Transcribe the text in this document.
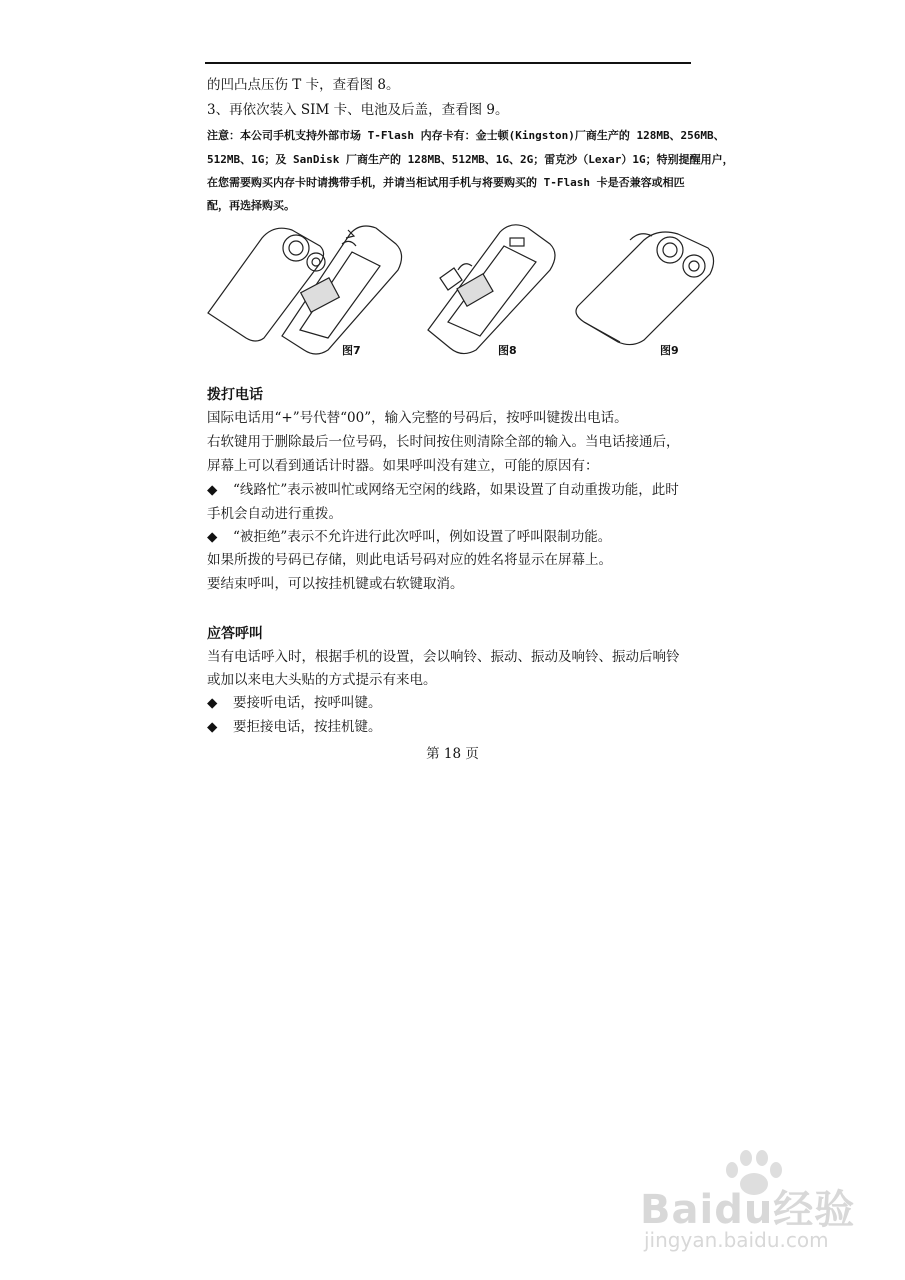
的凹凸点压伤 T 卡，查看图 8。
3、再依次装入 SIM 卡、电池及后盖，查看图 9。
注意：本公司手机支持外部市场 T-Flash 内存卡有：金士顿(Kingston)厂商生产的 128MB、256MB、
512MB、1G；及 SanDisk 厂商生产的 128MB、512MB、1G、2G；雷克沙（Lexar）1G；特别提醒用户，
在您需要购买内存卡时请携带手机，并请当柜试用手机与将要购买的 T-Flash 卡是否兼容或相匹
配，再选择购买。
图7	图8	图9
拨打电话
国际电话用“+”号代替“00”，输入完整的号码后，按呼叫键拨出电话。
右软键用于删除最后一位号码，长时间按住则清除全部的输入。当电话接通后，
屏幕上可以看到通话计时器。如果呼叫没有建立，可能的原因有：
◆ “线路忙”表示被叫忙或网络无空闲的线路，如果设置了自动重拨功能，此时
手机会自动进行重拨。
◆ “被拒绝”表示不允许进行此次呼叫，例如设置了呼叫限制功能。
如果所拨的号码已存储，则此电话号码对应的姓名将显示在屏幕上。
要结束呼叫，可以按挂机键或右软键取消。
应答呼叫
当有电话呼入时，根据手机的设置，会以响铃、振动、振动及响铃、振动后响铃
或加以来电大头贴的方式提示有来电。
◆ 要接听电话，按呼叫键。
◆ 要拒接电话，按挂机键。
第 18 页
Baidu经验
jingyan.baidu.com
